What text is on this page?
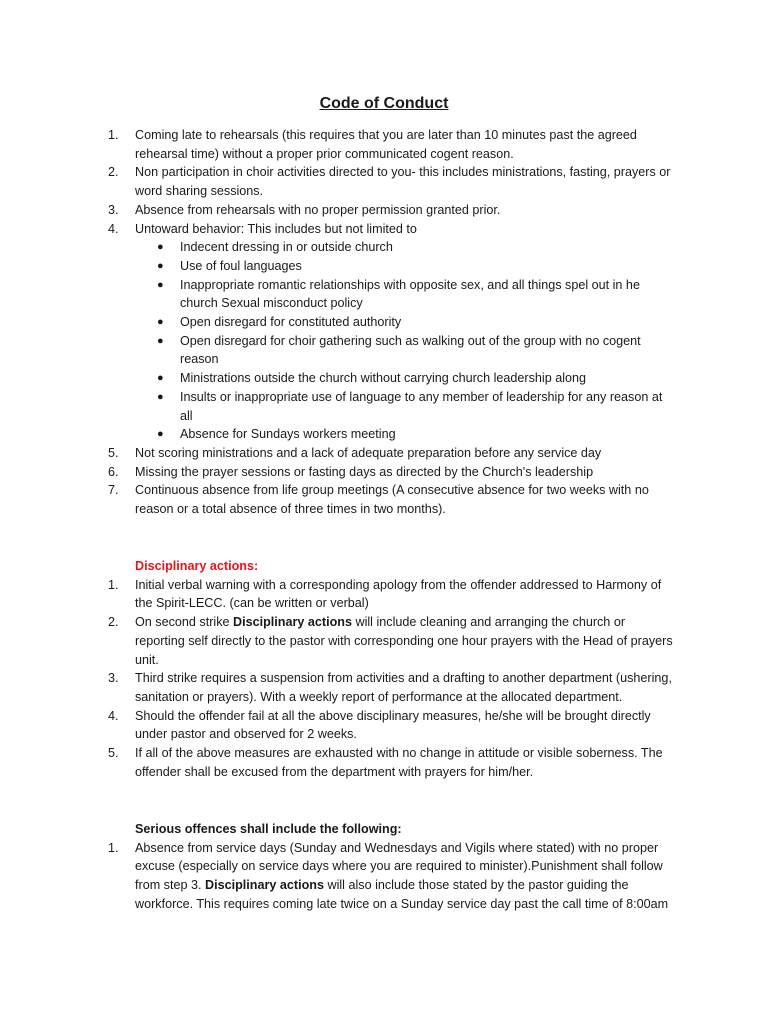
Code of Conduct
1. Coming late to rehearsals (this requires that you are later than 10 minutes past the agreed rehearsal time) without a proper prior communicated cogent reason.
2. Non participation in choir activities directed to you- this includes ministrations, fasting, prayers or word sharing sessions.
3. Absence from rehearsals with no proper permission granted prior.
4. Untoward behavior: This includes but not limited to
● Indecent dressing in or outside church
● Use of foul languages
● Inappropriate romantic relationships with opposite sex, and all things spel out in he church Sexual misconduct policy
● Open disregard for constituted authority
● Open disregard for choir gathering such as walking out of the group with no cogent reason
● Ministrations outside the church without carrying church leadership along
● Insults or inappropriate use of language to any member of leadership for any reason at all
● Absence for Sundays workers meeting
5. Not scoring ministrations and a lack of adequate preparation before any service day
6. Missing the prayer sessions or fasting days as directed by the Church's leadership
7. Continuous absence from life group meetings (A consecutive absence for two weeks with no reason or a total absence of three times in two months).
Disciplinary actions:
1. Initial verbal warning with a corresponding apology from the offender addressed to Harmony of the Spirit-LECC. (can be written or verbal)
2. On second strike Disciplinary actions will include cleaning and arranging the church or reporting self directly to the pastor with corresponding one hour prayers with the Head of prayers unit.
3. Third strike requires a suspension from activities and a drafting to another department (ushering, sanitation or prayers). With a weekly report of performance at the allocated department.
4. Should the offender fail at all the above disciplinary measures, he/she will be brought directly under pastor and observed for 2 weeks.
5. If all of the above measures are exhausted with no change in attitude or visible soberness. The offender shall be excused from the department with prayers for him/her.
Serious offences shall include the following:
1. Absence from service days (Sunday and Wednesdays and Vigils where stated) with no proper excuse (especially on service days where you are required to minister).Punishment shall follow from step 3. Disciplinary actions will also include those stated by the pastor guiding the workforce. This requires coming late twice on a Sunday service day past the call time of 8:00am
